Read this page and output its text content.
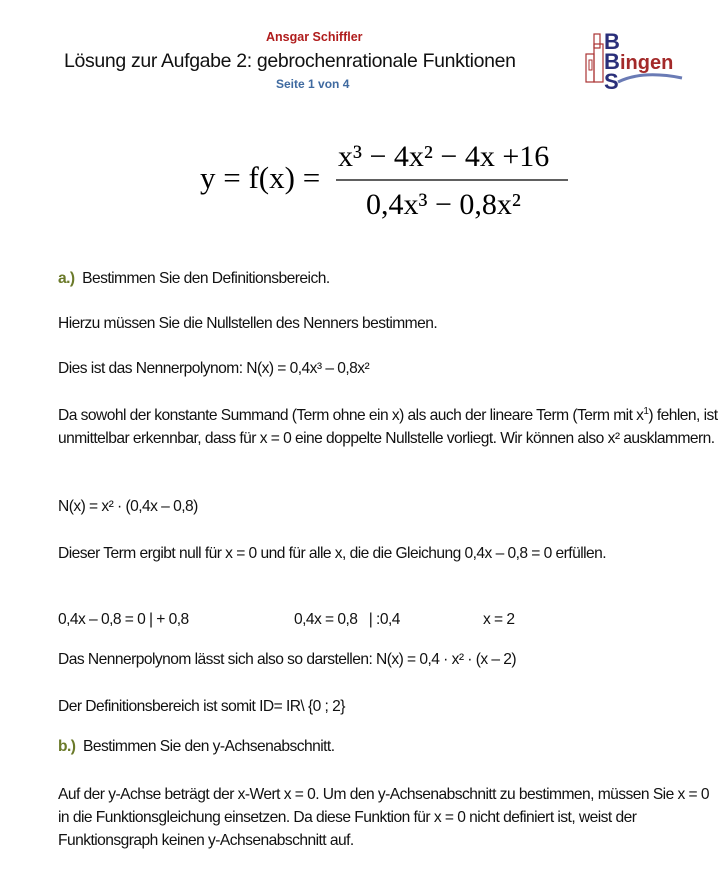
Ansgar Schiffler
Lösung zur Aufgabe 2: gebrochenrationale Funktionen
Seite 1 von 4
B
B ingen
S
y = f(x) =
x³ − 4x² − 4x +16
0,4x³ − 0,8x²
a.) Bestimmen Sie den Definitionsbereich.
Hierzu müssen Sie die Nullstellen des Nenners bestimmen.
Dies ist das Nennerpolynom: N(x) = 0,4x³ – 0,8x²
Da sowohl der konstante Summand (Term ohne ein x) als auch der lineare Term (Term mit $x^1$) fehlen, ist unmittelbar erkennbar, dass für x = 0 eine doppelte Nullstelle vorliegt. Wir können also x² ausklammern.
N(x) = x² · (0,4x – 0,8)
Dieser Term ergibt null für x = 0 und für alle x, die die Gleichung 0,4x – 0,8 = 0 erfüllen.
0,4x – 0,8 = 0 | + 0,8	0,4x = 0,8   | :0,4	x = 2
Das Nennerpolynom lässt sich also so darstellen: N(x) = 0,4 · x² · (x – 2)
Der Definitionsbereich ist somit ID= IR\ {0 ; 2}
b.) Bestimmen Sie den y-Achsenabschnitt.
Auf der y-Achse beträgt der x-Wert x = 0. Um den y-Achsenabschnitt zu bestimmen, müssen Sie x = 0 in die Funktionsgleichung einsetzen. Da diese Funktion für x = 0 nicht definiert ist, weist der Funktionsgraph keinen y-Achsenabschnitt auf.
